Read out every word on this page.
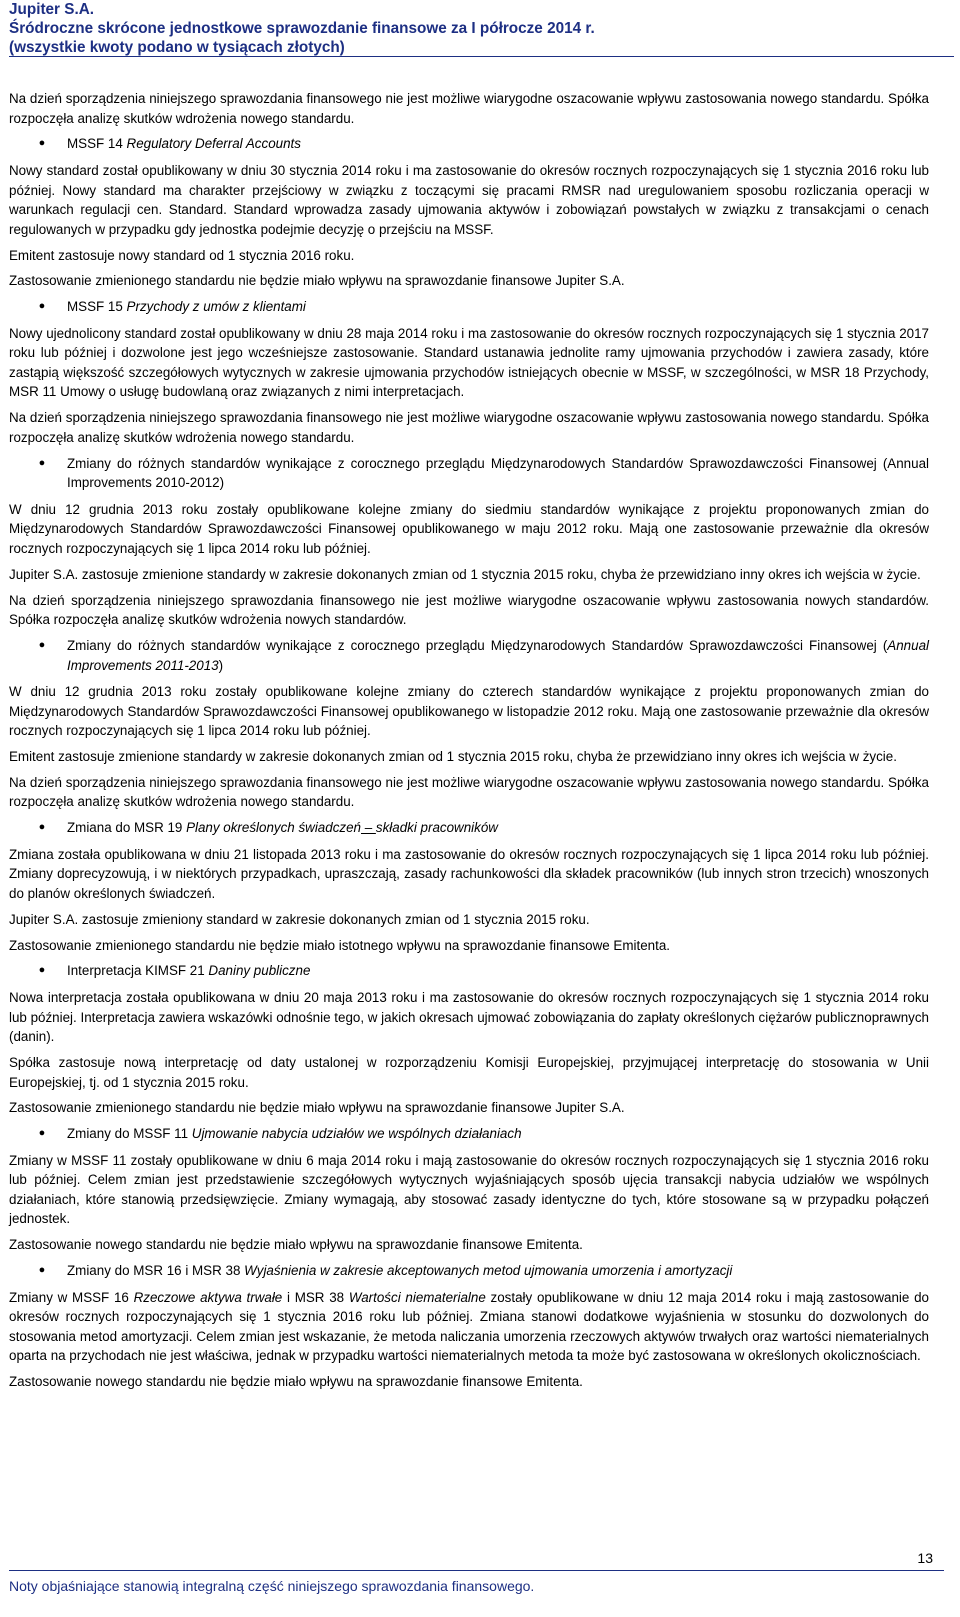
Jupiter S.A.
Śródroczne skrócone jednostkowe sprawozdanie finansowe za I półrocze 2014 r.
(wszystkie kwoty podano w tysiącach złotych)

Na dzień sporządzenia niniejszego sprawozdania finansowego nie jest możliwe wiarygodne oszacowanie wpływu zastosowania nowego standardu. Spółka rozpoczęła analizę skutków wdrożenia nowego standardu.

● MSSF 14 Regulatory Deferral Accounts

Nowy standard został opublikowany w dniu 30 stycznia 2014 roku i ma zastosowanie do okresów rocznych rozpoczynających się 1 stycznia 2016 roku lub później. Nowy standard ma charakter przejściowy w związku z toczącymi się pracami RMSR nad uregulowaniem sposobu rozliczania operacji w warunkach regulacji cen. Standard. Standard wprowadza zasady ujmowania aktywów i zobowiązań powstałych w związku z transakcjami o cenach regulowanych w przypadku gdy jednostka podejmie decyzję o przejściu na MSSF.

Emitent zastosuje nowy standard od 1 stycznia 2016 roku.

Zastosowanie zmienionego standardu nie będzie miało wpływu na sprawozdanie finansowe Jupiter S.A.

● MSSF 15 Przychody z umów z klientami

Nowy ujednolicony standard został opublikowany w dniu 28 maja 2014 roku i ma zastosowanie do okresów rocznych rozpoczynających się 1 stycznia 2017 roku lub później i dozwolone jest jego wcześniejsze zastosowanie. Standard ustanawia jednolite ramy ujmowania przychodów i zawiera zasady, które zastąpią większość szczegółowych wytycznych w zakresie ujmowania przychodów istniejących obecnie w MSSF, w szczególności, w MSR 18 Przychody, MSR 11 Umowy o usługę budowlaną oraz związanych z nimi interpretacjach.

Na dzień sporządzenia niniejszego sprawozdania finansowego nie jest możliwe wiarygodne oszacowanie wpływu zastosowania nowego standardu. Spółka rozpoczęła analizę skutków wdrożenia nowego standardu.

● Zmiany do różnych standardów wynikające z corocznego przeglądu Międzynarodowych Standardów Sprawozdawczości Finansowej (Annual Improvements 2010-2012)

W dniu 12 grudnia 2013 roku zostały opublikowane kolejne zmiany do siedmiu standardów wynikające z projektu proponowanych zmian do Międzynarodowych Standardów Sprawozdawczości Finansowej opublikowanego w maju 2012 roku. Mają one zastosowanie przeważnie dla okresów rocznych rozpoczynających się 1 lipca 2014 roku lub później.

Jupiter S.A. zastosuje zmienione standardy w zakresie dokonanych zmian od 1 stycznia 2015 roku, chyba że przewidziano inny okres ich wejścia w życie.

Na dzień sporządzenia niniejszego sprawozdania finansowego nie jest możliwe wiarygodne oszacowanie wpływu zastosowania nowych standardów. Spółka rozpoczęła analizę skutków wdrożenia nowych standardów.

● Zmiany do różnych standardów wynikające z corocznego przeglądu Międzynarodowych Standardów Sprawozdawczości Finansowej (Annual Improvements 2011-2013)

W dniu 12 grudnia 2013 roku zostały opublikowane kolejne zmiany do czterech standardów wynikające z projektu proponowanych zmian do Międzynarodowych Standardów Sprawozdawczości Finansowej opublikowanego w listopadzie 2012 roku. Mają one zastosowanie przeważnie dla okresów rocznych rozpoczynających się 1 lipca 2014 roku lub później.

Emitent zastosuje zmienione standardy w zakresie dokonanych zmian od 1 stycznia 2015 roku, chyba że przewidziano inny okres ich wejścia w życie.

Na dzień sporządzenia niniejszego sprawozdania finansowego nie jest możliwe wiarygodne oszacowanie wpływu zastosowania nowego standardu. Spółka rozpoczęła analizę skutków wdrożenia nowego standardu.

● Zmiana do MSR 19 Plany określonych świadczeń – składki pracowników

Zmiana została opublikowana w dniu 21 listopada 2013 roku i ma zastosowanie do okresów rocznych rozpoczynających się 1 lipca 2014 roku lub później. Zmiany doprecyzowują, i w niektórych przypadkach, upraszczają, zasady rachunkowości dla składek pracowników (lub innych stron trzecich) wnoszonych do planów określonych świadczeń.

Jupiter S.A. zastosuje zmieniony standard w zakresie dokonanych zmian od 1 stycznia 2015 roku.

Zastosowanie zmienionego standardu nie będzie miało istotnego wpływu na sprawozdanie finansowe Emitenta.

● Interpretacja KIMSF 21 Daniny publiczne

Nowa interpretacja została opublikowana w dniu 20 maja 2013 roku i ma zastosowanie do okresów rocznych rozpoczynających się 1 stycznia 2014 roku lub później. Interpretacja zawiera wskazówki odnośnie tego, w jakich okresach ujmować zobowiązania do zapłaty określonych ciężarów publicznoprawnych (danin).

Spółka zastosuje nową interpretację od daty ustalonej w rozporządzeniu Komisji Europejskiej, przyjmującej interpretację do stosowania w Unii Europejskiej, tj. od 1 stycznia 2015 roku.

Zastosowanie zmienionego standardu nie będzie miało wpływu na sprawozdanie finansowe Jupiter S.A.

● Zmiany do MSSF 11 Ujmowanie nabycia udziałów we wspólnych działaniach

Zmiany w MSSF 11 zostały opublikowane w dniu 6 maja 2014 roku i mają zastosowanie do okresów rocznych rozpoczynających się 1 stycznia 2016 roku lub później. Celem zmian jest przedstawienie szczegółowych wytycznych wyjaśniających sposób ujęcia transakcji nabycia udziałów we wspólnych działaniach, które stanowią przedsięwzięcie. Zmiany wymagają, aby stosować zasady identyczne do tych, które stosowane są w przypadku połączeń jednostek.

Zastosowanie nowego standardu nie będzie miało wpływu na sprawozdanie finansowe Emitenta.

● Zmiany do MSR 16 i MSR 38 Wyjaśnienia w zakresie akceptowanych metod ujmowania umorzenia i amortyzacji

Zmiany w MSSF 16 Rzeczowe aktywa trwałe i MSR 38 Wartości niematerialne zostały opublikowane w dniu 12 maja 2014 roku i mają zastosowanie do okresów rocznych rozpoczynających się 1 stycznia 2016 roku lub później. Zmiana stanowi dodatkowe wyjaśnienia w stosunku do dozwolonych do stosowania metod amortyzacji. Celem zmian jest wskazanie, że metoda naliczania umorzenia rzeczowych aktywów trwałych oraz wartości niematerialnych oparta na przychodach nie jest właściwa, jednak w przypadku wartości niematerialnych metoda ta może być zastosowana w określonych okolicznościach.

Zastosowanie nowego standardu nie będzie miało wpływu na sprawozdanie finansowe Emitenta.

13
Noty objaśniające stanowią integralną część niniejszego sprawozdania finansowego.
